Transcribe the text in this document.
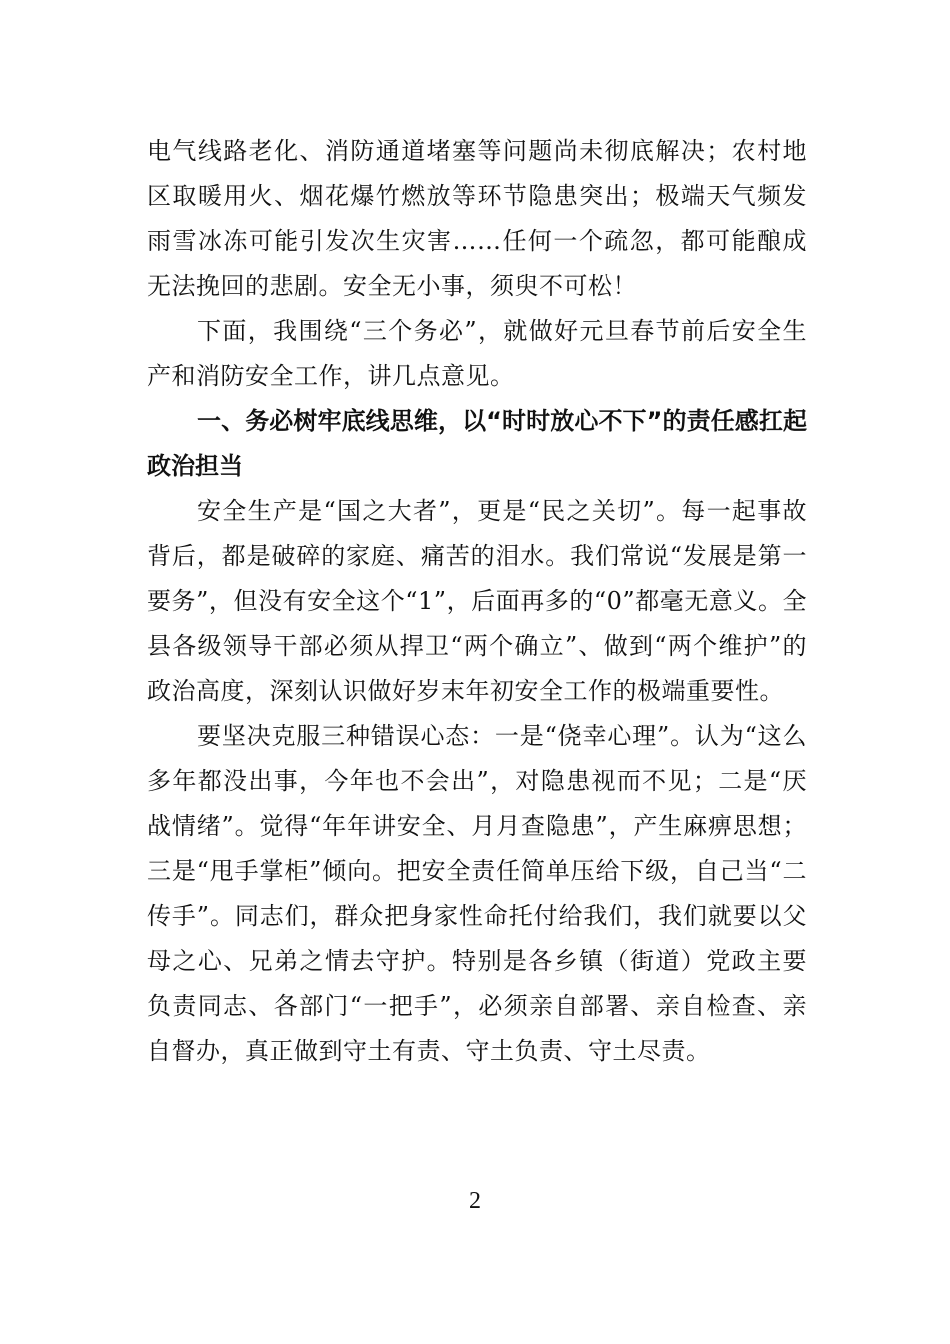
电气线路老化、消防通道堵塞等问题尚未彻底解决；农村地区取暖用火、烟花爆竹燃放等环节隐患突出；极端天气频发雨雪冰冻可能引发次生灾害……任何一个疏忽，都可能酿成无法挽回的悲剧。安全无小事，须臾不可松！

下面，我围绕“三个务必”，就做好元旦春节前后安全生产和消防安全工作，讲几点意见。

一、务必树牢底线思维，以“时时放心不下”的责任感扛起政治担当

安全生产是“国之大者”，更是“民之关切”。每一起事故背后，都是破碎的家庭、痛苦的泪水。我们常说“发展是第一要务”，但没有安全这个“1”，后面再多的“0”都毫无意义。全县各级领导干部必须从捍卫“两个确立”、做到“两个维护”的政治高度，深刻认识做好岁末年初安全工作的极端重要性。

要坚决克服三种错误心态：一是“侥幸心理”。认为“这么多年都没出事，今年也不会出”，对隐患视而不见；二是“厌战情绪”。觉得“年年讲安全、月月查隐患”，产生麻痹思想；三是“甩手掌柜”倾向。把安全责任简单压给下级，自己当“二传手”。同志们，群众把身家性命托付给我们，我们就要以父母之心、兄弟之情去守护。特别是各乡镇（街道）党政主要负责同志、各部门“一把手”，必须亲自部署、亲自检查、亲自督办，真正做到守土有责、守土负责、守土尽责。

2
